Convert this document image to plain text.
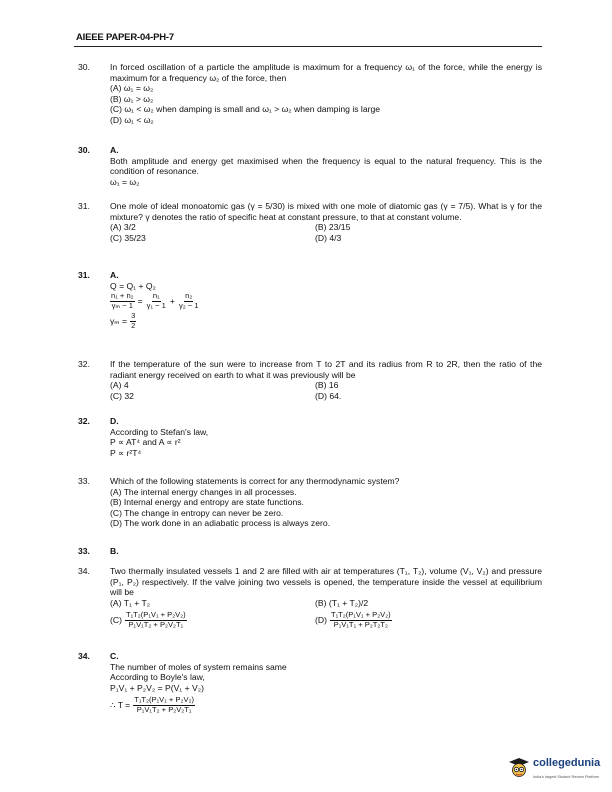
AIEEE PAPER-04-PH-7
30.	In forced oscillation of a particle the amplitude is maximum for a frequency ω₁ of the force, while the energy is maximum for a frequency ω₂ of the force, then
(A) ω₁ = ω₂
(B) ω₁ > ω₂
(C) ω₁ < ω₂ when damping is small and ω₁ > ω₂ when damping is large
(D) ω₁ < ω₂
30.	A.
Both amplitude and energy get maximised when the frequency is equal to the natural frequency. This is the condition of resonance.
ω₁ = ω₂
31.	One mole of ideal monoatomic gas (γ = 5/30) is mixed with one mole of diatomic gas (γ = 7/5). What is γ for the mixture? γ denotes the ratio of specific heat at constant pressure, to that at constant volume.
(A) 3/2	(B) 23/15
(C) 35/23	(D) 4/3
31.	A.
Q = Q₁ + Q₂
$\frac{\text{n₁ + n₂}}{\text{γₘ − 1}} = \frac{\text{n₁}}{\text{γ₁ − 1}} + \frac{\text{n₂}}{\text{γ₂ − 1}}$
$\gamma_m = \frac{3}{2}$
32.	If the temperature of the sun were to increase from T to 2T and its radius from R to 2R, then the ratio of the radiant energy received on earth to what it was previously will be
(A) 4	(B) 16
(C) 32	(D) 64.
32.	D.
According to Stefan's law,
P ∝ AT⁴ and A ∝ r²
P ∝ r²T⁴
33.	Which of the following statements is correct for any thermodynamic system?
(A) The internal energy changes in all processes.
(B) Internal energy and entropy are state functions.
(C) The change in entropy can never be zero.
(D) The work done in an adiabatic process is always zero.
33.	B.
34.	Two thermally insulated vessels 1 and 2 are filled with air at temperatures (T₁, T₂), volume (V₁, V₂) and pressure (P₁, P₂) respectively. If the valve joining two vessels is opened, the temperature inside the vessel at equilibrium will be
(A) T₁ + T₂	(B) (T₁ + T₂)/2
$(C) \frac{\text{T₁T₂(P₁V₁ + P₂V₂)}}{\text{P₁V₁T₂ + P₂V₂T₁}}$	$(D) \frac{\text{T₁T₂(P₁V₁ + P₂V₂)}}{\text{P₁V₁T₁ + P₂T₂T₂}}$
34.	C.
The number of moles of system remains same
According to Boyle's law,
P₁V₁ + P₂V₂ = P(V₁ + V₂)
∴ $T = \frac{\text{T₁T₂(P₁V₁ + P₂V₂)}}{\text{P₁V₁T₂ + P₂V₂T₁}}$
collegedunia
India's largest Student Review Platform
